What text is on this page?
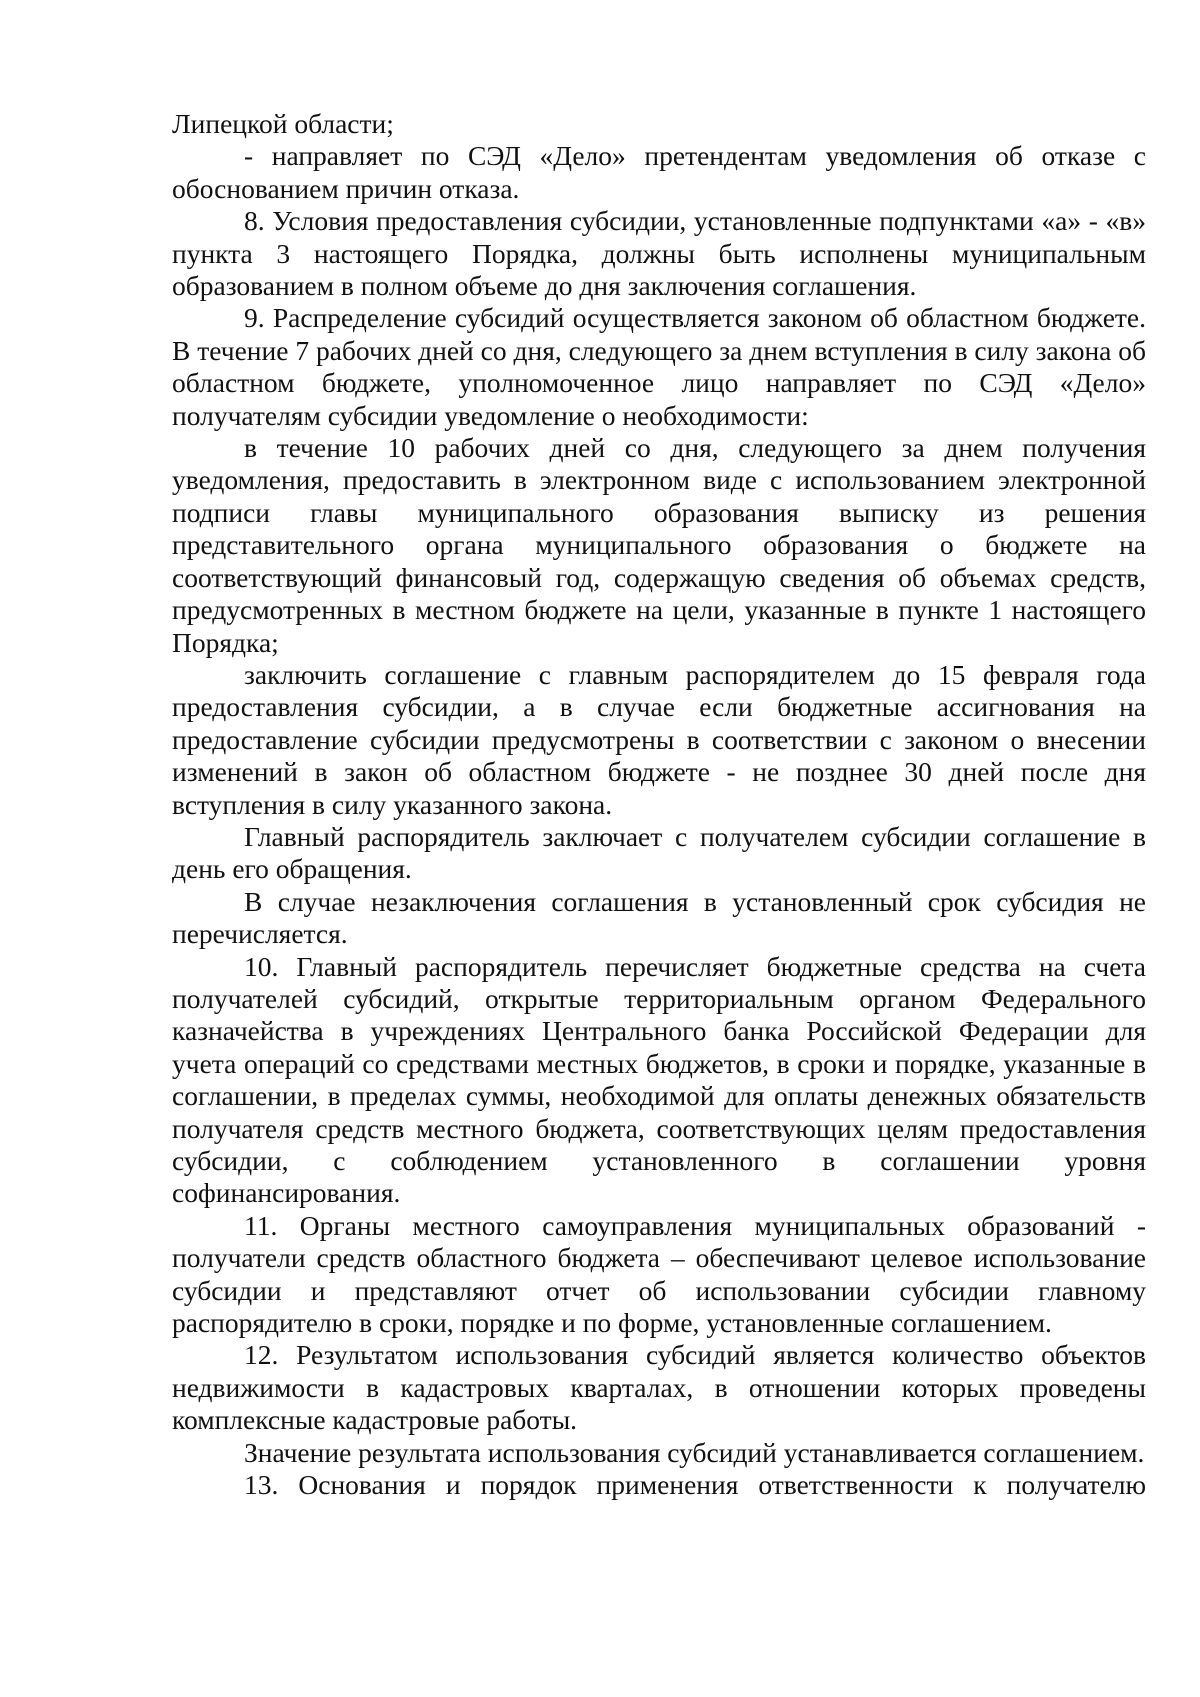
Липецкой области;

- направляет по СЭД «Дело» претендентам уведомления об отказе с обоснованием причин отказа.

8. Условия предоставления субсидии, установленные подпунктами «а» - «в» пункта 3 настоящего Порядка, должны быть исполнены муниципальным образованием в полном объеме до дня заключения соглашения.

9. Распределение субсидий осуществляется законом об областном бюджете. В течение 7 рабочих дней со дня, следующего за днем вступления в силу закона об областном бюджете, уполномоченное лицо направляет по СЭД «Дело» получателям субсидии уведомление о необходимости:

в течение 10 рабочих дней со дня, следующего за днем получения уведомления, предоставить в электронном виде с использованием электронной подписи главы муниципального образования выписку из решения представительного органа муниципального образования о бюджете на соответствующий финансовый год, содержащую сведения об объемах средств, предусмотренных в местном бюджете на цели, указанные в пункте 1 настоящего Порядка;

заключить соглашение с главным распорядителем до 15 февраля года предоставления субсидии, а в случае если бюджетные ассигнования на предоставление субсидии предусмотрены в соответствии с законом о внесении изменений в закон об областном бюджете - не позднее 30 дней после дня вступления в силу указанного закона.

Главный распорядитель заключает с получателем субсидии соглашение в день его обращения.

В случае незаключения соглашения в установленный срок субсидия не перечисляется.

10. Главный распорядитель перечисляет бюджетные средства на счета получателей субсидий, открытые территориальным органом Федерального казначейства в учреждениях Центрального банка Российской Федерации для учета операций со средствами местных бюджетов, в сроки и порядке, указанные в соглашении, в пределах суммы, необходимой для оплаты денежных обязательств получателя средств местного бюджета, соответствующих целям предоставления субсидии, с соблюдением установленного в соглашении уровня софинансирования.

11. Органы местного самоуправления муниципальных образований - получатели средств областного бюджета – обеспечивают целевое использование субсидии и представляют отчет об использовании субсидии главному распорядителю в сроки, порядке и по форме, установленные соглашением.

12. Результатом использования субсидий является количество объектов недвижимости в кадастровых кварталах, в отношении которых проведены комплексные кадастровые работы.

Значение результата использования субсидий устанавливается соглашением.

13. Основания и порядок применения ответственности к получателю
